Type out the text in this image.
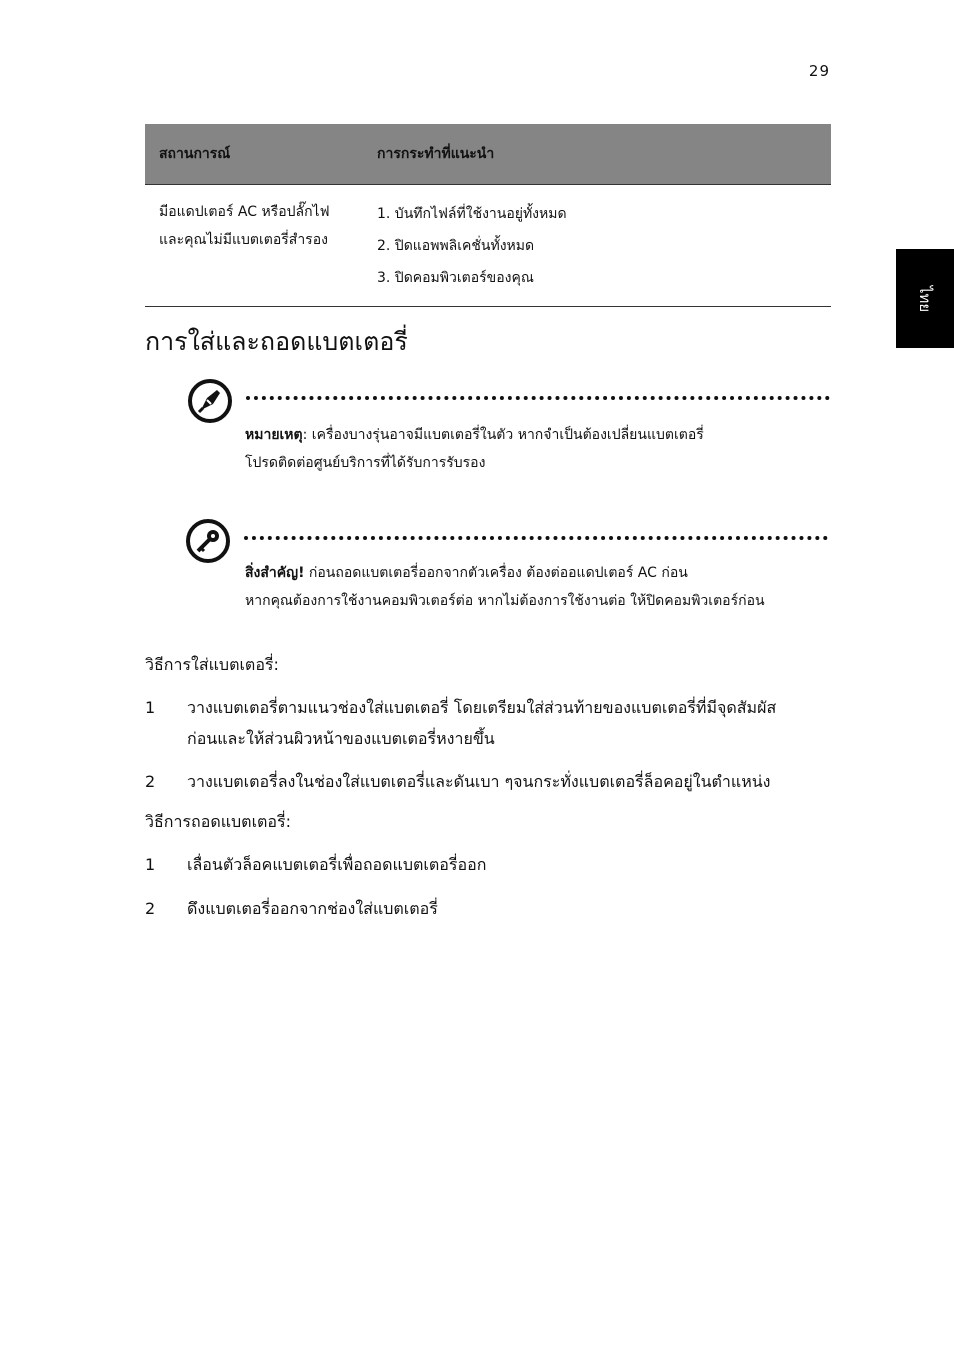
29
ไทย
สถานการณ์	การกระทำที่แนะนำ

มีอแดปเตอร์ AC หรือปลั๊กไฟ
และคุณไม่มีแบตเตอรี่สำรอง	1. บันทึกไฟล์ที่ใช้งานอยู่ทั้งหมด
2. ปิดแอพพลิเคชั่นทั้งหมด
3. ปิดคอมพิวเตอร์ของคุณ
การใส่และถอดแบตเตอรี่
หมายเหตุ: เครื่องบางรุ่นอาจมีแบตเตอรี่ในตัว หากจำเป็นต้องเปลี่ยนแบตเตอรี่
โปรดติดต่อศูนย์บริการที่ได้รับการรับรอง
สิ่งสำคัญ! ก่อนถอดแบตเตอรี่ออกจากตัวเครื่อง ต้องต่ออแดปเตอร์ AC ก่อน
หากคุณต้องการใช้งานคอมพิวเตอร์ต่อ หากไม่ต้องการใช้งานต่อ ให้ปิดคอมพิวเตอร์ก่อน

วิธีการใส่แบตเตอรี่:

1	วางแบตเตอรี่ตามแนวช่องใส่แบตเตอรี่ โดยเตรียมใส่ส่วนท้ายของแบตเตอรี่ที่มีจุดสัมผัส
ก่อนและให้ส่วนผิวหน้าของแบตเตอรี่หงายขึ้น
2	วางแบตเตอรี่ลงในช่องใส่แบตเตอรี่และดันเบา ๆจนกระทั่งแบตเตอรี่ล็อคอยู่ในตำแหน่ง

วิธีการถอดแบตเตอรี่:

1	เลื่อนตัวล็อคแบตเตอรี่เพื่อถอดแบตเตอรี่ออก
2	ดึงแบตเตอรี่ออกจากช่องใส่แบตเตอรี่
